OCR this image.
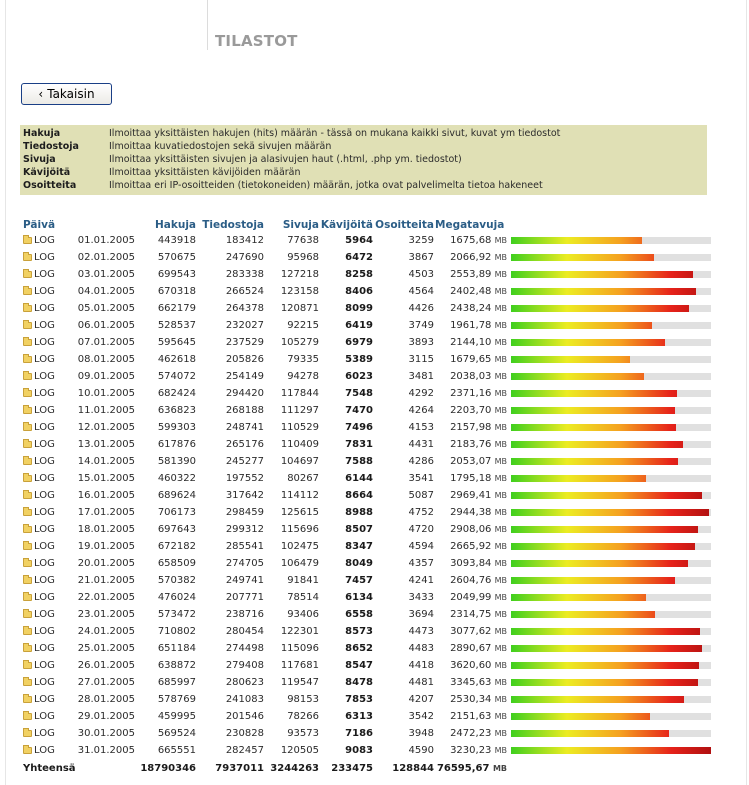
TILASTOT
‹ Takaisin
Hakuja	Ilmoittaa yksittäisten hakujen (hits) määrän - tässä on mukana kaikki sivut, kuvat ym tiedostot
Tiedostoja	Ilmoittaa kuvatiedostojen sekä sivujen määrän
Sivuja	Ilmoittaa yksittäisten sivujen ja alasivujen haut (.html, .php ym. tiedostot)
Kävijöitä	Ilmoittaa yksittäisten kävijöiden määrän
Osoitteita	Ilmoittaa eri IP-osoitteiden (tietokoneiden) määrän, jotka ovat palvelimelta tietoa hakeneet
Päivä		Hakuja	Tiedostoja	Sivuja	Kävijöitä	Osoitteita	Megatavuja	
LOG	01.01.2005	443918	183412	77638	5964	3259	1675,68 MB	

LOG	02.01.2005	570675	247690	95968	6472	3867	2066,92 MB	

LOG	03.01.2005	699543	283338	127218	8258	4503	2553,89 MB	

LOG	04.01.2005	670318	266524	123158	8406	4564	2402,48 MB	

LOG	05.01.2005	662179	264378	120871	8099	4426	2438,24 MB	

LOG	06.01.2005	528537	232027	92215	6419	3749	1961,78 MB	

LOG	07.01.2005	595645	237529	105279	6979	3893	2144,10 MB	

LOG	08.01.2005	462618	205826	79335	5389	3115	1679,65 MB	

LOG	09.01.2005	574072	254149	94278	6023	3481	2038,03 MB	

LOG	10.01.2005	682424	294420	117844	7548	4292	2371,16 MB	

LOG	11.01.2005	636823	268188	111297	7470	4264	2203,70 MB	

LOG	12.01.2005	599303	248741	110529	7496	4153	2157,98 MB	

LOG	13.01.2005	617876	265176	110409	7831	4431	2183,76 MB	

LOG	14.01.2005	581390	245277	104697	7588	4286	2053,07 MB	

LOG	15.01.2005	460322	197552	80267	6144	3541	1795,18 MB	

LOG	16.01.2005	689624	317642	114112	8664	5087	2969,41 MB	

LOG	17.01.2005	706173	298459	125615	8988	4752	2944,38 MB	

LOG	18.01.2005	697643	299312	115696	8507	4720	2908,06 MB	

LOG	19.01.2005	672182	285541	102475	8347	4594	2665,92 MB	

LOG	20.01.2005	658509	274705	106479	8049	4357	3093,84 MB	

LOG	21.01.2005	570382	249741	91841	7457	4241	2604,76 MB	

LOG	22.01.2005	476024	207771	78514	6134	3433	2049,99 MB	

LOG	23.01.2005	573472	238716	93406	6558	3694	2314,75 MB	

LOG	24.01.2005	710802	280454	122301	8573	4473	3077,62 MB	

LOG	25.01.2005	651184	274498	115096	8652	4483	2890,67 MB	

LOG	26.01.2005	638872	279408	117681	8547	4418	3620,60 MB	

LOG	27.01.2005	685997	280623	119547	8478	4481	3345,63 MB	

LOG	28.01.2005	578769	241083	98153	7853	4207	2530,34 MB	

LOG	29.01.2005	459995	201546	78266	6313	3542	2151,63 MB	

LOG	30.01.2005	569524	230828	93573	7186	3948	2472,23 MB	

LOG	31.01.2005	665551	282457	120505	9083	4590	3230,23 MB	

Yhteensä		18790346	7937011	3244263	233475	128844	76595,67 MB	
